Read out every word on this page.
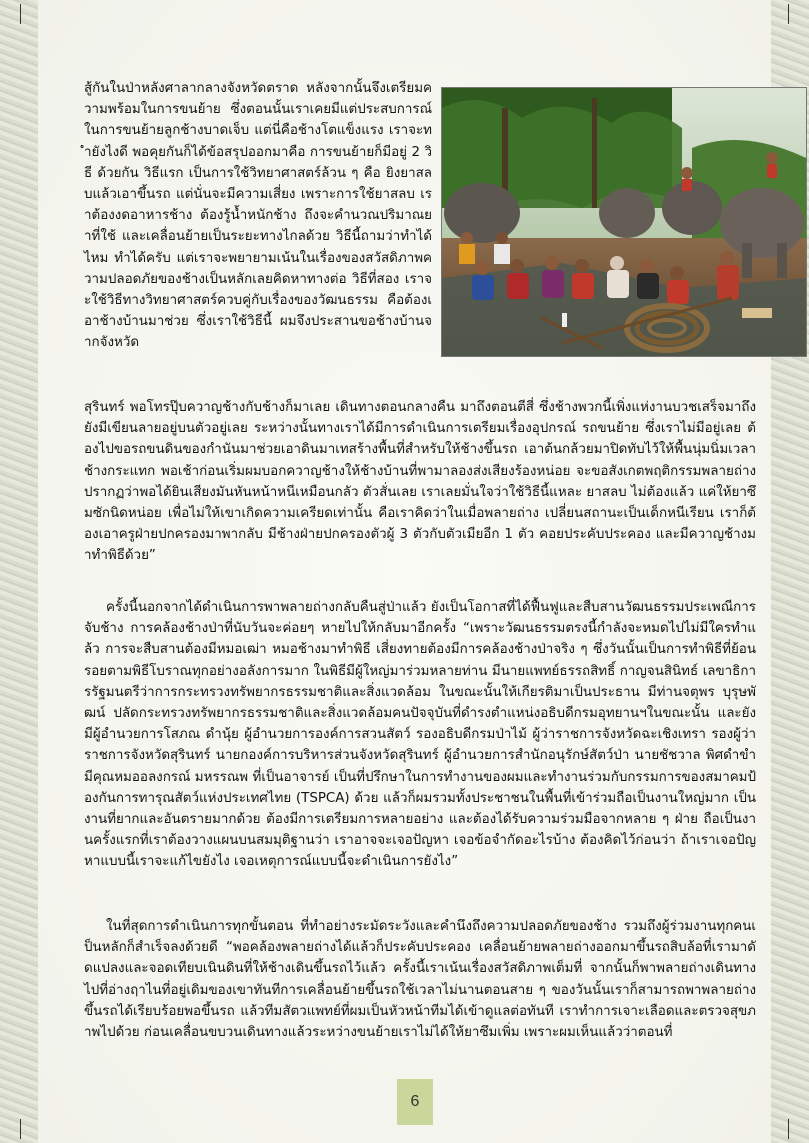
สู้กันในป่าหลังศาลากลางจังหวัดตราด หลังจากนั้นจึงเตรียมความพร้อมในการขนย้าย ซึ่งตอนนั้นเราเคยมีแต่ประสบการณ์ในการขนย้ายลูกช้างบาดเจ็บ แต่นี่คือช้างโตแข็งแรง เราจะทำยังไงดี พอคุยกันก็ได้ข้อสรุปออกมาคือ การขนย้ายก็มีอยู่ 2 วิธี ด้วยกัน วิธีแรก เป็นการใช้วิทยาศาสตร์ล้วน ๆ คือ ยิงยาสลบแล้วเอาขึ้นรถ แต่นั่นจะมีความเสี่ยง เพราะการใช้ยาสลบ เราต้องงดอาหารช้าง ต้องรู้น้ำหนักช้าง ถึงจะคำนวณปริมาณยาที่ใช้ และเคลื่อนย้ายเป็นระยะทางไกลด้วย วิธีนี้ถามว่าทำได้ไหม ทำได้ครับ แต่เราจะพยายามเน้นในเรื่องของสวัสดิภาพความปลอดภัยของช้างเป็นหลักเลยคิดหาทางต่อ วิธีที่สอง เราจะใช้วิธีทางวิทยาศาสตร์ควบคู่กับเรื่องของวัฒนธรรม คือต้องเอาช้างบ้านมาช่วย ซึ่งเราใช้วิธีนี้ ผมจึงประสานขอช้างบ้านจากจังหวัด

สุรินทร์ พอโทรปุ๊บควาญช้างกับช้างก็มาเลย เดินทางตอนกลางคืน มาถึงตอนตีสี่ ซึ่งช้างพวกนี้เพิ่งแห่งานบวชเสร็จมาถึงยังมีเขียนลายอยู่บนตัวอยู่เลย ระหว่างนั้นทางเราได้มีการดำเนินการเตรียมเรื่องอุปกรณ์ รถขนย้าย ซึ่งเราไม่มีอยู่เลย ต้องไปขอรถขนดินของกำนันมาช่วยเอาดินมาเทสร้างพื้นที่สำหรับให้ช้างขึ้นรถ เอาต้นกล้วยมาปิดทับไว้ให้พื้นนุ่มนิ่มเวลาช้างกระแทก พอเช้าก่อนเริ่มผมบอกควาญช้างให้ช้างบ้านที่พามาลองส่งเสียงร้องหน่อย จะขอสังเกตพฤติกรรมพลายถ่าง ปรากฏว่าพอได้ยินเสียงมันหันหน้าหนีเหมือนกลัว ตัวสั่นเลย เราเลยมั่นใจว่าใช้วิธีนี้แหละ ยาสลบ ไม่ต้องแล้ว แค่ให้ยาซึมซักนิดหน่อย เพื่อไม่ให้เขาเกิดความเครียดเท่านั้น คือเราคิดว่าในเมื่อพลายถ่าง เปลี่ยนสถานะเป็นเด็กหนีเรียน เราก็ต้องเอาครูฝ่ายปกครองมาพากลับ มีช้างฝ่ายปกครองตัวผู้ 3 ตัวกับตัวเมียอีก 1 ตัว คอยประคับประคอง และมีควาญช้างมาทำพิธีด้วย”

ครั้งนี้นอกจากได้ดำเนินการพาพลายถ่างกลับคืนสู่ป่าแล้ว ยังเป็นโอกาสที่ได้ฟื้นฟูและสืบสานวัฒนธรรมประเพณีการจับช้าง การคล้องช้างป่าที่นับวันจะค่อยๆ หายไปให้กลับมาอีกครั้ง “เพราะวัฒนธรรมตรงนี้กำลังจะหมดไปไม่มีใครทำแล้ว การจะสืบสานต้องมีหมอเฒ่า หมอช้างมาทำพิธี เสี่ยงทายต้องมีการคล้องช้างป่าจริง ๆ ซึ่งวันนั้นเป็นการทำพิธีที่ย้อนรอยตามพิธีโบราณทุกอย่างอลังการมาก ในพิธีมีผู้ใหญ่มาร่วมหลายท่าน มีนายแพทย์ธรรถสิทธิ์ กาญจนสินิทธ์ เลขาธิการรัฐมนตรีว่าการกระทรวงทรัพยากรธรรมชาติและสิ่งแวดล้อม ในขณะนั้นให้เกียรติมาเป็นประธาน มีท่านจตุพร บุรุษพัฒน์ ปลัดกระทรวงทรัพยากรธรรมชาติและสิ่งแวดล้อมคนปัจจุบันที่ดำรงตำแหน่งอธิบดีกรมอุทยานฯในขณะนั้น และยังมีผู้อำนวยการโสภณ ดำนุ้ย ผู้อำนวยการองค์การสวนสัตว์ รองอธิบดีกรมป่าไม้ ผู้ว่าราชการจังหวัดฉะเชิงเทรา รองผู้ว่าราชการจังหวัดสุรินทร์ นายกองค์การบริหารส่วนจังหวัดสุรินทร์ ผู้อำนวยการสำนักอนุรักษ์สัตว์ป่า นายชัชวาล พิศดำขำ มีคุณหมออลงกรณ์ มหรรณพ ที่เป็นอาจารย์ เป็นที่ปรึกษาในการทำงานของผมและทำงานร่วมกับกรรมการของสมาคมป้องกันการทารุณสัตว์แห่งประเทศไทย (TSPCA) ด้วย แล้วก็ผมรวมทั้งประชาชนในพื้นที่เข้าร่วมถือเป็นงานใหญ่มาก เป็นงานที่ยากและอันตรายมากด้วย ต้องมีการเตรียมการหลายอย่าง และต้องได้รับความร่วมมือจากหลาย ๆ ฝ่าย ถือเป็นงานครั้งแรกที่เราต้องวางแผนบนสมมุติฐานว่า เราอาจจะเจอปัญหา เจอข้อจำกัดอะไรบ้าง ต้องคิดไว้ก่อนว่า ถ้าเราเจอปัญหาแบบนี้เราจะแก้ไขยังไง เจอเหตุการณ์แบบนี้จะดำเนินการยังไง”

ในที่สุดการดำเนินการทุกขั้นตอน ที่ทำอย่างระมัดระวังและคำนึงถึงความปลอดภัยของช้าง รวมถึงผู้ร่วมงานทุกคนเป็นหลักก็สำเร็จลงด้วยดี “พอคล้องพลายถ่างได้แล้วก็ประคับประคอง เคลื่อนย้ายพลายถ่างออกมาขึ้นรถสิบล้อที่เรามาดัดแปลงและจอดเทียบเนินดินที่ให้ช้างเดินขึ้นรถไว้แล้ว ครั้งนี้เราเน้นเรื่องสวัสดิภาพเต็มที่ จากนั้นก็พาพลายถ่างเดินทางไปที่อ่างฤาไนที่อยู่เดิมของเขาทันทีการเคลื่อนย้ายขึ้นรถใช้เวลาไม่นานตอนสาย ๆ ของวันนั้นเราก็สามารถพาพลายถ่างขึ้นรถได้เรียบร้อยพอขึ้นรถ แล้วทีมสัตวแพทย์ที่ผมเป็นหัวหน้าทีมได้เข้าดูแลต่อทันที เราทำการเจาะเลือดและตรวจสุขภาพไปด้วย ก่อนเคลื่อนขบวนเดินทางแล้วระหว่างขนย้ายเราไม่ได้ให้ยาซึมเพิ่ม เพราะผมเห็นแล้วว่าตอนที่

6
